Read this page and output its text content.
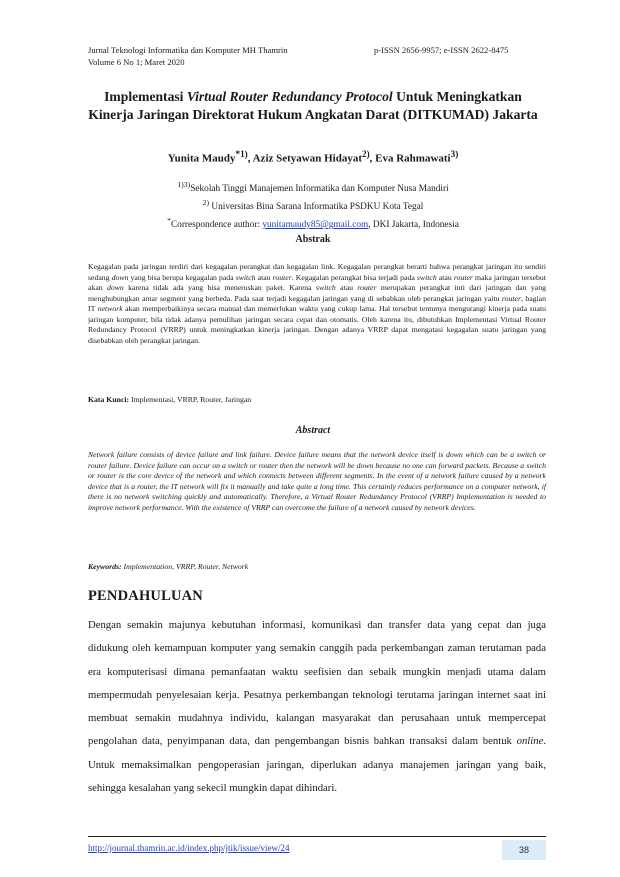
Jurnal Teknologi Informatika dan Komputer MH Thamrin
Volume 6 No 1; Maret 2020
p-ISSN 2656-9957; e-ISSN 2622-8475
Implementasi Virtual Router Redundancy Protocol Untuk Meningkatkan Kinerja Jaringan Direktorat Hukum Angkatan Darat (DITKUMAD) Jakarta
Yunita Maudy$^{*1)}$, Aziz Setyawan Hidayat$^{2)}$, Eva Rahmawati$^{3)}$
$^{1)3)}$Sekolah Tinggi Manajemen Informatika dan Komputer Nusa Mandiri
$^{2)}$ Universitas Bina Sarana Informatika PSDKU Kota Tegal
*Correspondence author: yunitamaudy85@gmail.com, DKI Jakarta, Indonesia
Abstrak
Kegagalan pada jaringan terdiri dari kegagalan perangkat dan kegagalan link. Kegagalan perangkat berarti bahwa perangkat jaringan itu sendiri sedang down yang bisa berupa kegagalan pada switch atau router. Kegagalan perangkat bisa terjadi pada switch atau router maka jaringan tersebut akan down karena tidak ada yang bisa meneruskan paket. Karena switch atau router merupakan perangkat inti dari jaringan dan yang menghubungkan antar segment yang berbeda. Pada saat terjadi kegagalan jaringan yang di sebabkan oleh perangkat jaringan yaitu router, bagian IT network akan memperbaikinya secara manual dan memerlukan waktu yang cukup lama. Hal tersebut tentunya mengurangi kinerja pada suatu jaringan komputer, bila tidak adanya pemulihan jaringan secara cepat dan otomatis. Oleh karena itu, dibutuhkan Implementasi Virtual Router Redundancy Protocol (VRRP) untuk meningkatkan kinerja jaringan. Dengan adanya VRRP dapat mengatasi kegagalan suatu jaringan yang disebabkan oleh perangkat jaringan.
Kata Kunci: Implementasi, VRRP, Router, Jaringan
Abstract
Network failure consists of device failure and link failure. Device failure means that the network device itself is down which can be a switch or router failure. Device failure can occur on a switch or router then the network will be down because no one can forward packets. Because a switch or router is the core device of the network and which connects between different segments. In the event of a network failure caused by a network device that is a router, the IT network will fix it manually and take quite a long time. This certainly reduces performance on a computer network, if there is no network switching quickly and automatically. Therefore, a Virtual Router Redundancy Protocol (VRRP) Implementation is needed to improve network performance. With the existence of VRRP can overcome the failure of a network caused by network devices.
Keywords: Implementation, VRRP, Router, Network
PENDAHULUAN
Dengan semakin majunya kebutuhan informasi, komunikasi dan transfer data yang cepat dan juga didukung oleh kemampuan komputer yang semakin canggih pada perkembangan zaman terutaman pada era komputerisasi dimana pemanfaatan waktu seefisien dan sebaik mungkin menjadi utama dalam mempermudah penyelesaian kerja. Pesatnya perkembangan teknologi terutama jaringan internet saat ini membuat semakin mudahnya individu, kalangan masyarakat dan perusahaan untuk mempercepat pengolahan data, penyimpanan data, dan pengembangan bisnis bahkan transaksi dalam bentuk online. Untuk memaksimalkan pengoperasian jaringan, diperlukan adanya manajemen jaringan yang baik, sehingga kesalahan yang sekecil mungkin dapat dihindari.
http://journal.thamrin.ac.id/index.php/jtik/issue/view/24	38
